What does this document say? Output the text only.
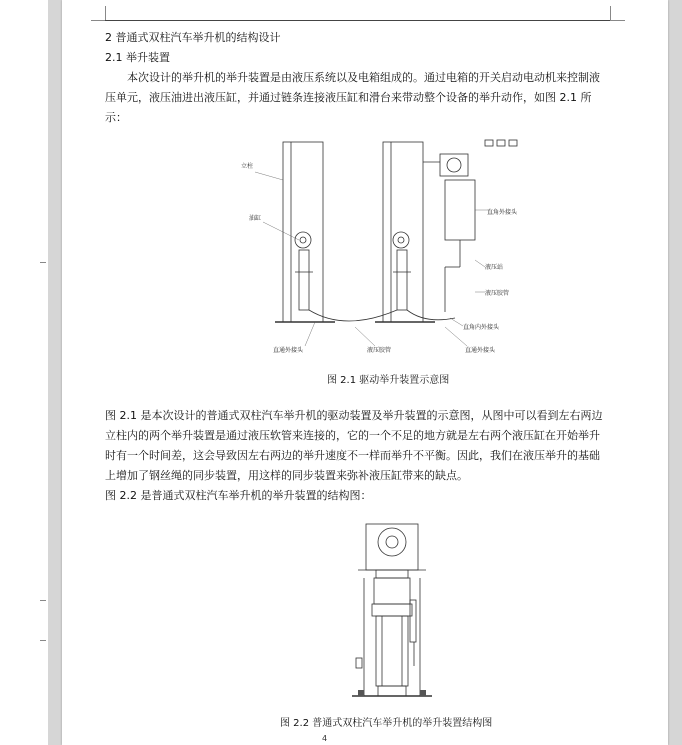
2 普通式双柱汽车举升机的结构设计
2.1 举升装置
本次设计的举升机的举升装置是由液压系统以及电箱组成的。通过电箱的开关启动电动机来控制液压单元，液压油进出液压缸，并通过链条连接液压缸和滑台来带动整个设备的举升动作，如图 2.1 所示：
立柱
油缸
直角外接头
液压站
液压胶管
直角内外接头
直通外接头	液压胶管	直通外接头
图 2.1 驱动举升装置示意图
图 2.1 是本次设计的普通式双柱汽车举升机的驱动装置及举升装置的示意图，从图中可以看到左右两边立柱内的两个举升装置是通过液压软管来连接的，它的一个不足的地方就是左右两个液压缸在开始举升时有一个时间差，这会导致因左右两边的举升速度不一样而举升不平衡。因此，我们在液压举升的基础上增加了钢丝绳的同步装置，用这样的同步装置来弥补液压缸带来的缺点。
图 2.2 是普通式双柱汽车举升机的举升装置的结构图：
图 2.2 普通式双柱汽车举升机的举升装置结构图
4
